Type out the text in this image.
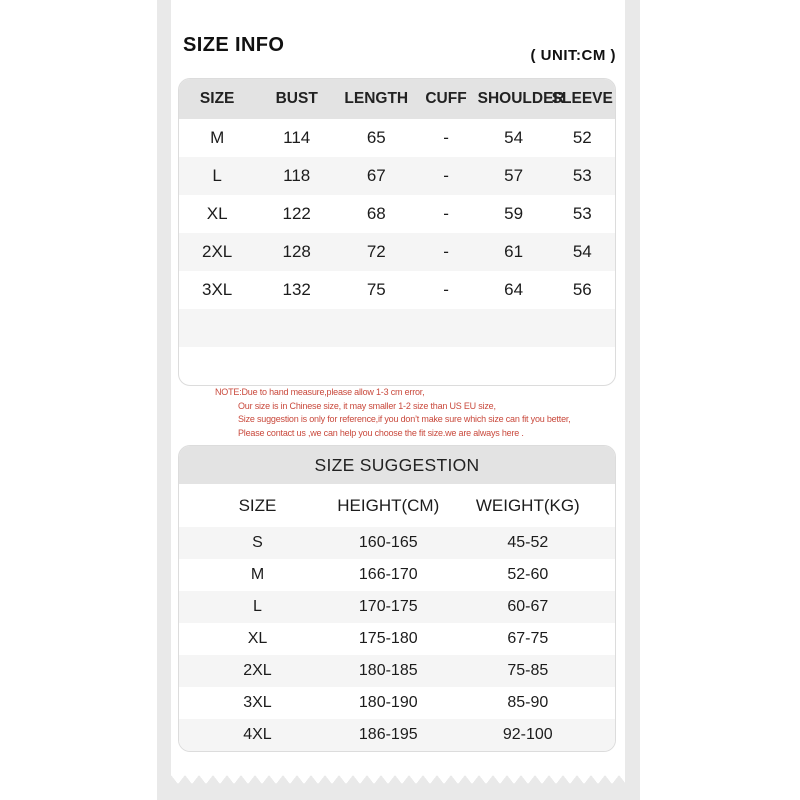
SIZE INFO	( UNIT:CM )
SIZE	BUST	LENGTH	CUFF	SHOULDER	SLEEVE
M	114	65	-	54	52
L	118	67	-	57	53
XL	122	68	-	59	53
2XL	128	72	-	61	54
3XL	132	75	-	64	56

NOTE:Due to hand measure,please allow 1-3 cm error,
Our size is in Chinese size, it may smaller 1-2 size than US EU size,
Size suggestion is only for reference,if you don’t make sure which size can fit you better,
Please contact us ,we can help you choose the fit size.we are always here .
SIZE SUGGESTION
SIZE	HEIGHT(CM)	WEIGHT(KG)
S	160-165	45-52
M	166-170	52-60
L	170-175	60-67
XL	175-180	67-75
2XL	180-185	75-85
3XL	180-190	85-90
4XL	186-195	92-100
